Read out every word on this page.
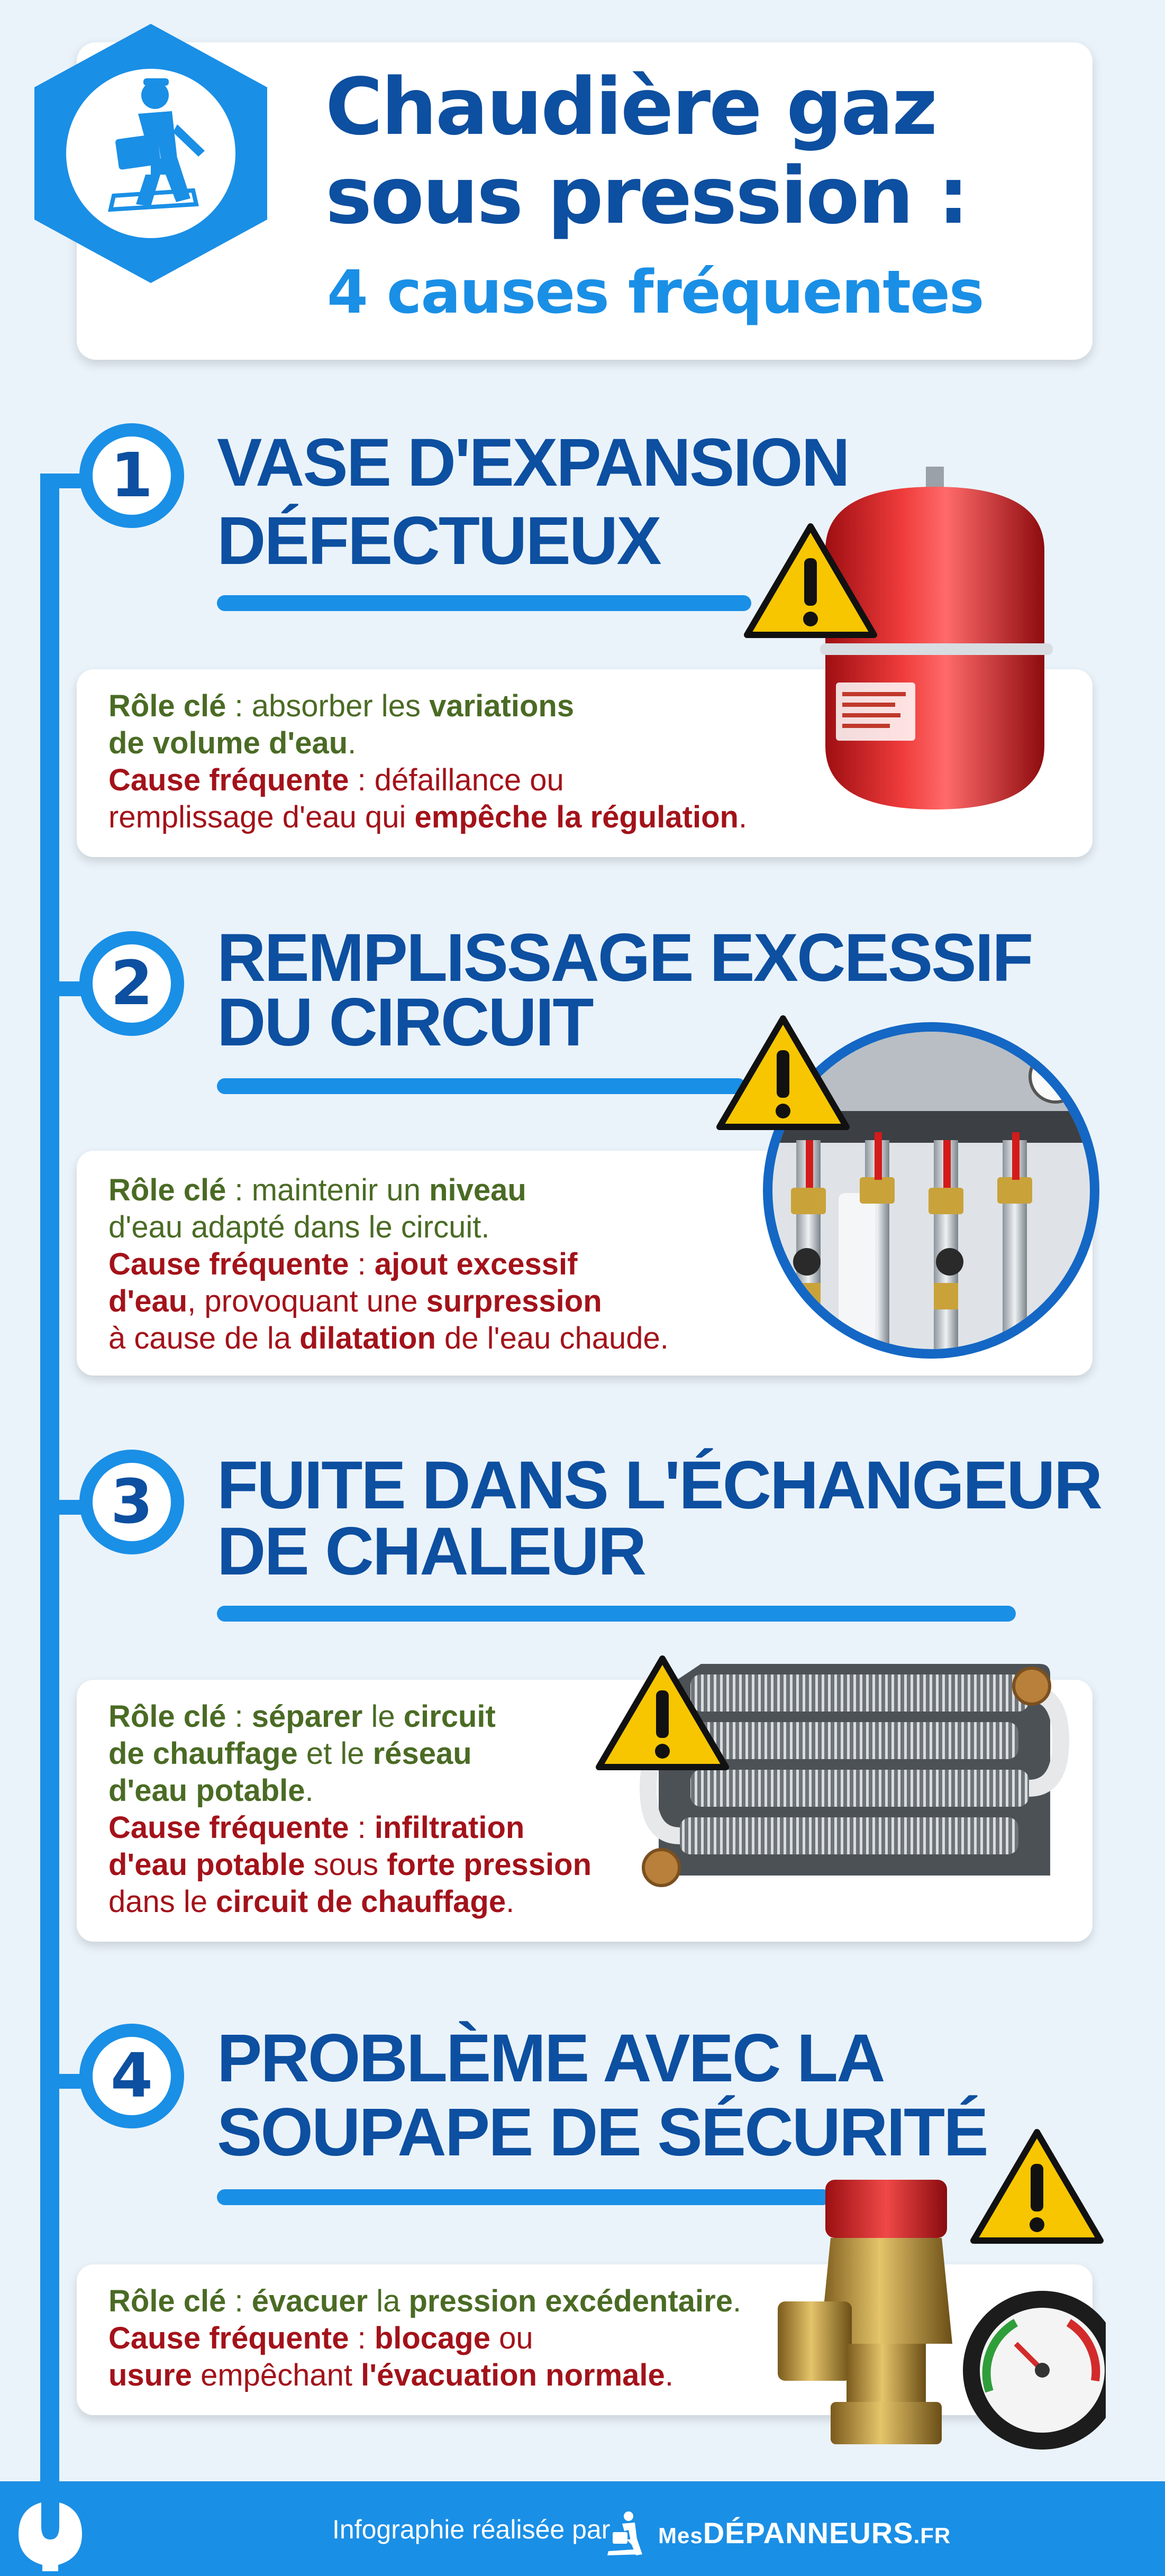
Chaudière gaz
sous pression :
4 causes fréquentes
1 VASE D'EXPANSION
DÉFECTUEUX

Rôle clé : absorber les variations

de volume d'eau.

Cause fréquente : défaillance ou

remplissage d'eau qui empêche la régulation.

2 REMPLISSAGE EXCESSIF
DU CIRCUIT

Rôle clé : maintenir un niveau

d'eau adapté dans le circuit.

Cause fréquente : ajout excessif

d'eau, provoquant une surpression

à cause de la dilatation de l'eau chaude.

3 FUITE DANS L'ÉCHANGEUR
DE CHALEUR

Rôle clé : séparer le circuit

de chauffage et le réseau

d'eau potable.

Cause fréquente : infiltration

d'eau potable sous forte pression

dans le circuit de chauffage.

4 PROBLÈME AVEC LA
SOUPAPE DE SÉCURITÉ

Rôle clé : évacuer la pression excédentaire.

Cause fréquente : blocage ou

usure empêchant l'évacuation normale.

Infographie réalisée par MesDÉPANNEURS.FR
